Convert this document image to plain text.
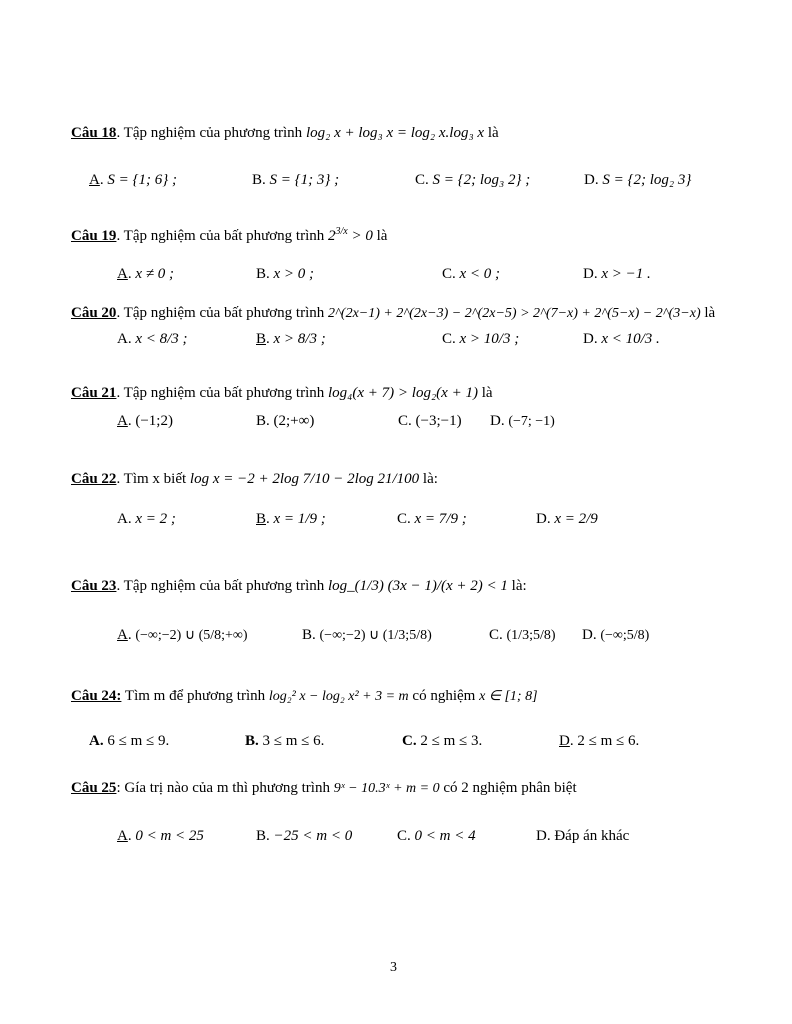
Câu 18. Tập nghiệm của phương trình log₂ x + log₃ x = log₂ x.log₃ x là
A. S = {1; 6} ;	B. S = {1; 3} ;	C. S = {2; log₃ 2} ;	D. S = {2; log₂ 3}
Câu 19. Tập nghiệm của bất phương trình $2^{3/x} > 0$ là
A. x ≠ 0 ;	B. x > 0 ;	C. x < 0 ;	D. x > −1 .
Câu 20. Tập nghiệm của bất phương trình 2^(2x−1) + 2^(2x−3) − 2^(2x−5) > 2^(7−x) + 2^(5−x) − 2^(3−x) là
A. x < 8/3 ;	B. x > 8/3 ;	C. x > 10/3 ;	D. x < 10/3 .
Câu 21. Tập nghiệm của bất phương trình log₄(x + 7) > log₂(x + 1) là
A. (−1;2)	B. (2;+∞)	C. (−3;−1) D. (−7; −1)
Câu 22. Tìm x biết log x = −2 + 2log 7/10 − 2log 21/100 là:
A. x = 2 ;	B. x = 1/9 ;	C. x = 7/9 ;	D. x = 2/9
Câu 23. Tập nghiệm của bất phương trình log_(1/3) (3x − 1)/(x + 2) < 1 là:
A. (−∞;−2) ∪ (5/8;+∞)	B. (−∞;−2) ∪ (1/3;5/8)	C. (1/3;5/8) D. (−∞;5/8)
Câu 24: Tìm m để phương trình log₂² x − log₂ x² + 3 = m có nghiệm x ∈ [1; 8]
A. 6 ≤ m ≤ 9.	B. 3 ≤ m ≤ 6.	C. 2 ≤ m ≤ 3.	D. 2 ≤ m ≤ 6.
Câu 25: Gía trị nào của m thì phương trình 9ˣ − 10.3ˣ + m = 0 có 2 nghiệm phân biệt
A. 0 < m < 25	B. −25 < m < 0	C. 0 < m < 4	D. Đáp án khác
3
